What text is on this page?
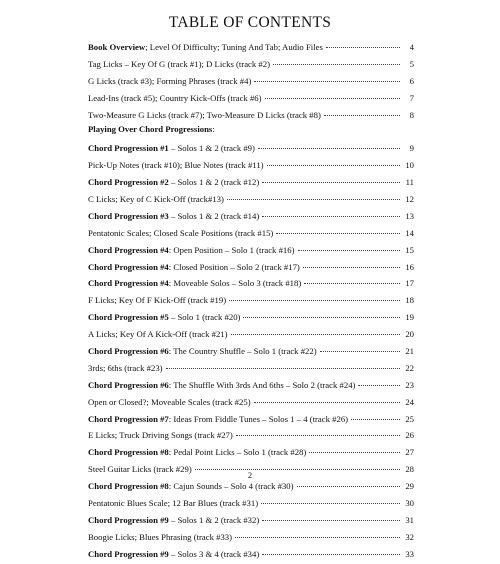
TABLE OF CONTENTS
Book Overview; Level Of Difficulty; Tuning And Tab; Audio Files	4
Tag Licks – Key Of G (track #1); D Licks (track #2)	5
G Licks (track #3); Forming Phrases (track #4)	6
Lead-Ins (track #5); Country Kick-Offs (track #6)	7
Two-Measure G Licks (track #7); Two-Measure D Licks (track #8)	8
Playing Over Chord Progressions:
Chord Progression #1 – Solos 1 & 2 (track #9)	9
Pick-Up Notes (track #10); Blue Notes (track #11)	10
Chord Progression #2 – Solos 1 & 2 (track #12)	11
C Licks; Key of C Kick-Off (track#13)	12
Chord Progression #3 – Solos 1 & 2 (track #14)	13
Pentatonic Scales; Closed Scale Positions (track #15)	14
Chord Progression #4: Open Position – Solo 1 (track #16)	15
Chord Progression #4: Closed Position – Solo 2 (track #17)	16
Chord Progression #4: Moveable Solos – Solo 3 (track #18)	17
F Licks; Key Of F Kick-Off (track #19)	18
Chord Progression #5 – Solo 1 (track #20)	19
A Licks; Key Of A Kick-Off (track #21)	20
Chord Progression #6: The Country Shuffle – Solo 1 (track #22)	21
3rds; 6ths (track #23)	22
Chord Progression #6: The Shuffle With 3rds And 6ths – Solo 2 (track #24)	23
Open or Closed?; Moveable Scales (track #25)	24
Chord Progression #7: Ideas From Fiddle Tunes – Solos 1 – 4 (track #26)	25
E Licks; Truck Driving Songs (track #27)	26
Chord Progression #8: Pedal Point Licks – Solo 1 (track #28)	27
Steel Guitar Licks (track #29)	28
Chord Progression #8: Cajun Sounds – Solo 4 (track #30)	29
Pentatonic Blues Scale; 12 Bar Blues (track #31)	30
Chord Progression #9 – Solos 1 & 2 (track #32)	31
Boogie Licks; Blues Phrasing (track #33)	32
Chord Progression #9 – Solos 3 & 4 (track #34)	33
2
